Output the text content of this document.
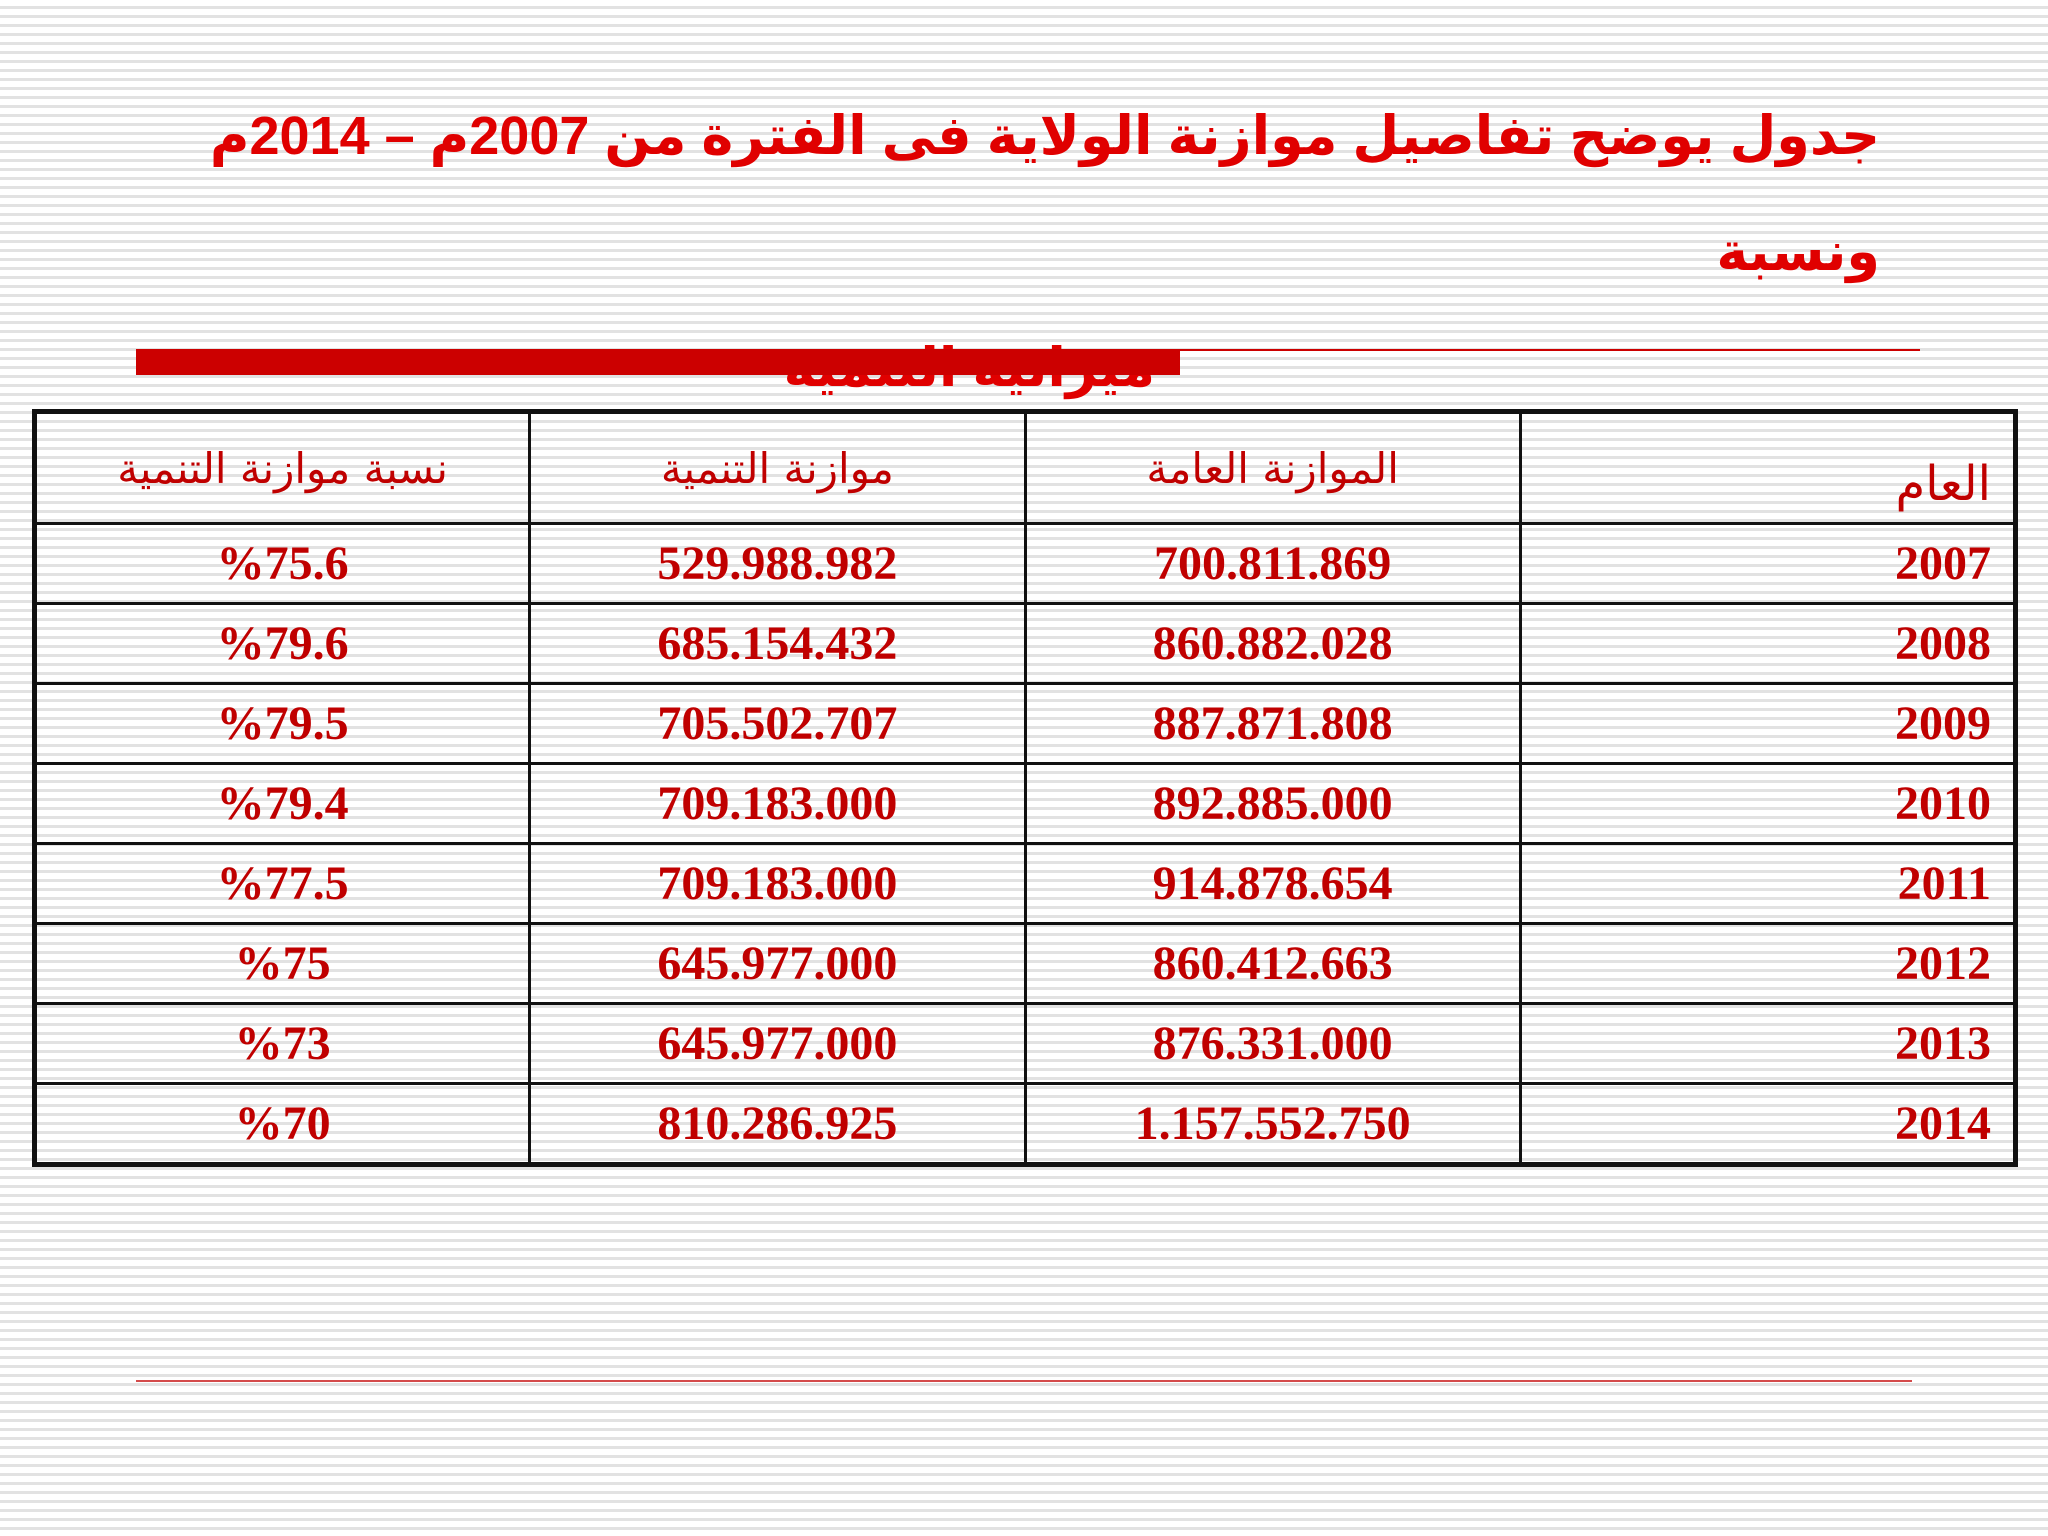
جدول يوضح تفاصيل موازنة الولاية فى الفترة من 2007م – 2014م ونسبة
العام	الموازنة العامة	موازنة التنمية	نسبة موازنة التنمية
2007	700.811.869	529.988.982	%75.6
2008	860.882.028	685.154.432	%79.6
2009	887.871.808	705.502.707	%79.5
2010	892.885.000	709.183.000	%79.4
2011	914.878.654	709.183.000	%77.5
2012	860.412.663	645.977.000	%75
2013	876.331.000	645.977.000	%73
2014	1.157.552.750	810.286.925	%70
